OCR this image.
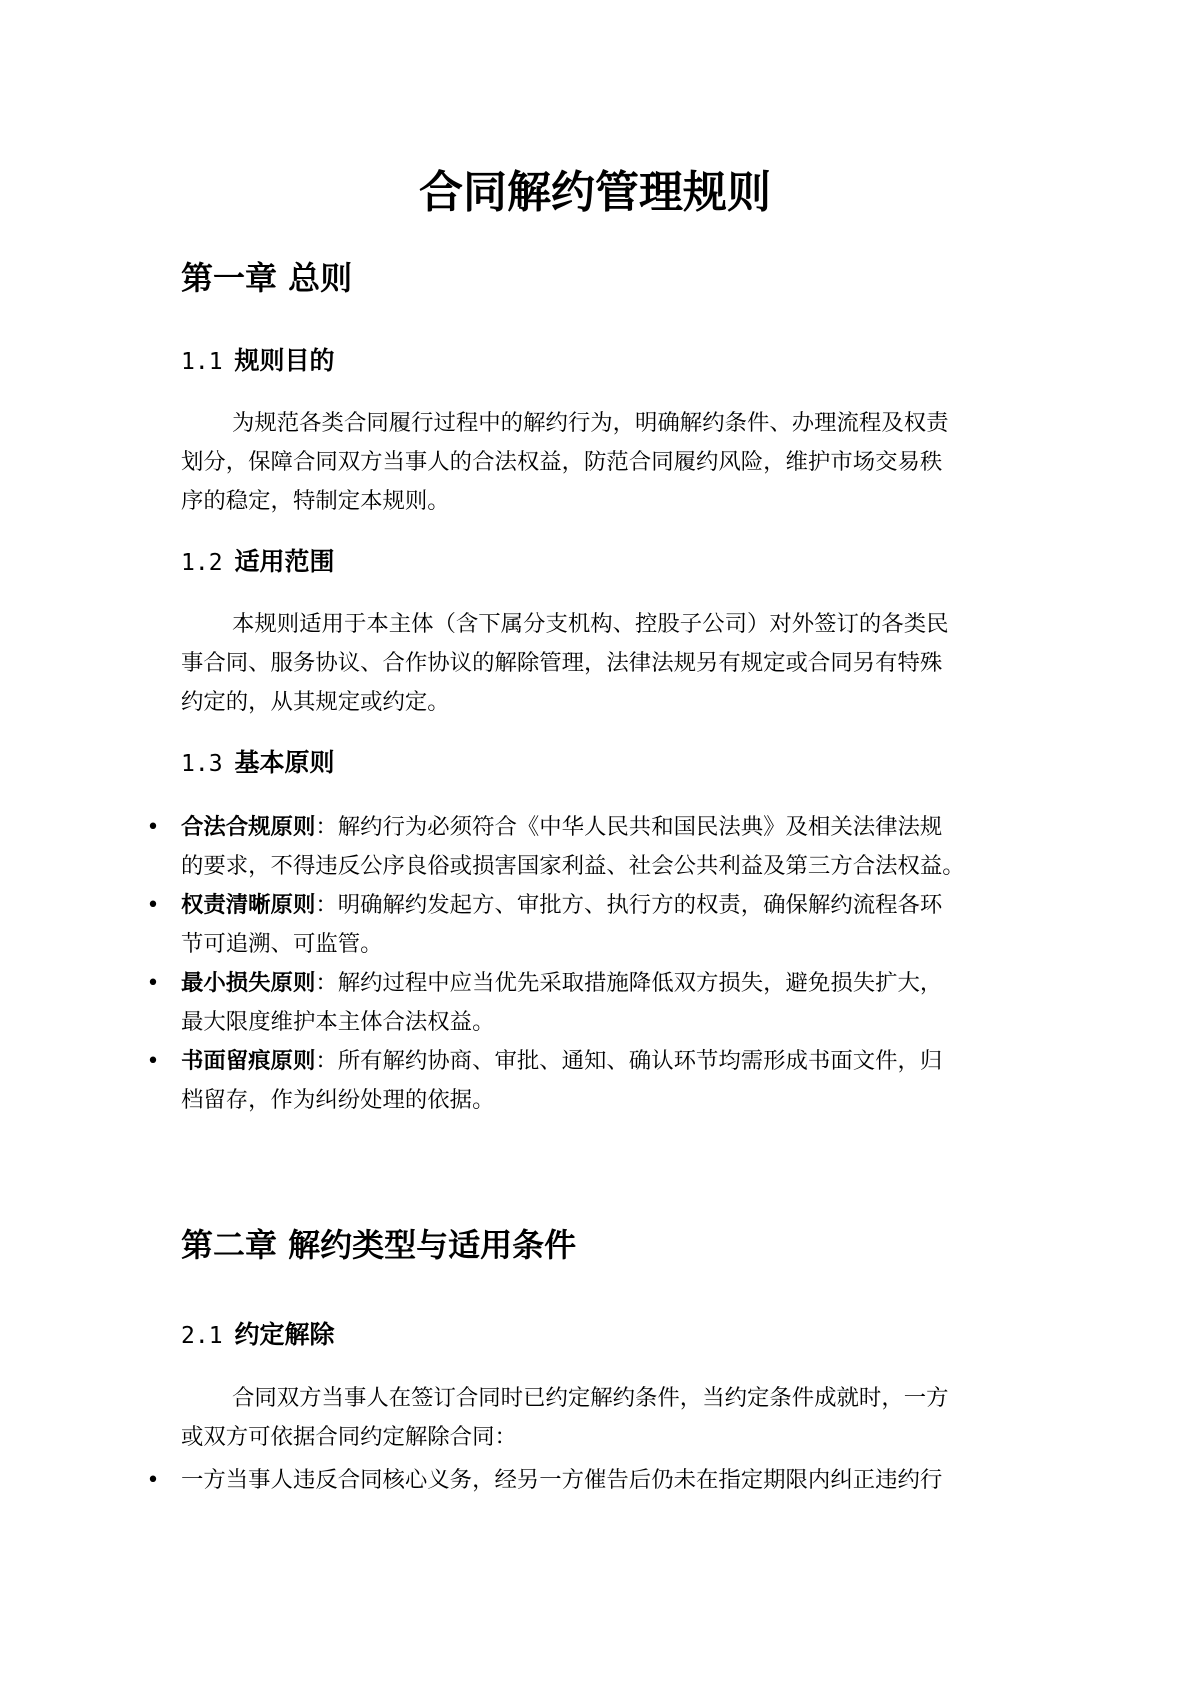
合同解约管理规则
第一章 总则
1.1 规则目的

为规范各类合同履行过程中的解约行为，明确解约条件、办理流程及权责
划分，保障合同双方当事人的合法权益，防范合同履约风险，维护市场交易秩
序的稳定，特制定本规则。

1.2 适用范围

本规则适用于本主体（含下属分支机构、控股子公司）对外签订的各类民
事合同、服务协议、合作协议的解除管理，法律法规另有规定或合同另有特殊
约定的，从其规定或约定。

1.3 基本原则
• 合法合规原则：解约行为必须符合《中华人民共和国民法典》及相关法律法规
的要求，不得违反公序良俗或损害国家利益、社会公共利益及第三方合法权益。
• 权责清晰原则：明确解约发起方、审批方、执行方的权责，确保解约流程各环
节可追溯、可监管。
• 最小损失原则：解约过程中应当优先采取措施降低双方损失，避免损失扩大，
最大限度维护本主体合法权益。
• 书面留痕原则：所有解约协商、审批、通知、确认环节均需形成书面文件，归
档留存，作为纠纷处理的依据。
第二章 解约类型与适用条件
2.1 约定解除

合同双方当事人在签订合同时已约定解约条件，当约定条件成就时，一方
或双方可依据合同约定解除合同：

• 一方当事人违反合同核心义务，经另一方催告后仍未在指定期限内纠正违约行
